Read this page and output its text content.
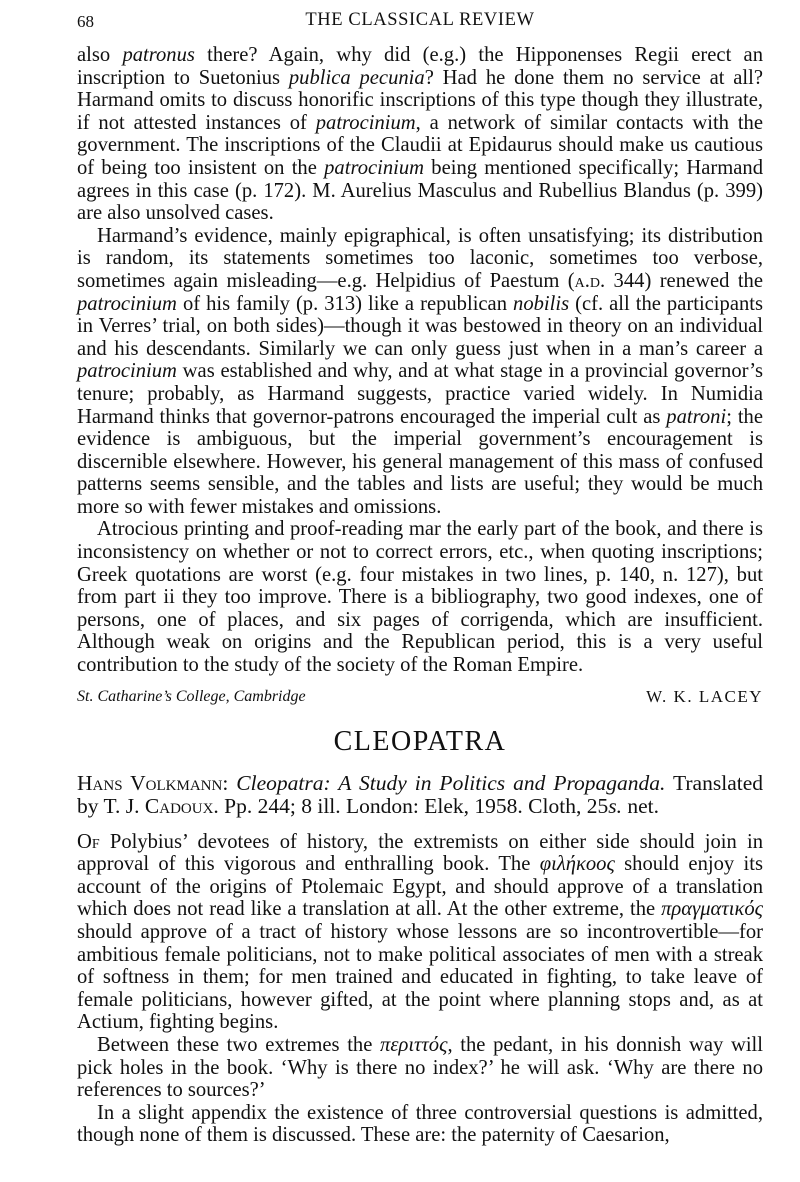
68	THE CLASSICAL REVIEW

also patronus there? Again, why did (e.g.) the Hipponenses Regii erect an inscription to Suetonius publica pecunia? Had he done them no service at all? Harmand omits to discuss honorific inscriptions of this type though they illustrate, if not attested instances of patrocinium, a network of similar contacts with the government. The inscriptions of the Claudii at Epidaurus should make us cautious of being too insistent on the patrocinium being mentioned specifically; Harmand agrees in this case (p. 172). M. Aurelius Masculus and Rubellius Blandus (p. 399) are also unsolved cases.

Harmand’s evidence, mainly epigraphical, is often unsatisfying; its distribution is random, its statements sometimes too laconic, sometimes too verbose, sometimes again misleading—e.g. Helpidius of Paestum (a.d. 344) renewed the patrocinium of his family (p. 313) like a republican nobilis (cf. all the participants in Verres’ trial, on both sides)—though it was bestowed in theory on an individual and his descendants. Similarly we can only guess just when in a man’s career a patrocinium was established and why, and at what stage in a provincial governor’s tenure; probably, as Harmand suggests, practice varied widely. In Numidia Harmand thinks that governor-patrons encouraged the imperial cult as patroni; the evidence is ambiguous, but the imperial government’s encouragement is discernible elsewhere. However, his general management of this mass of confused patterns seems sensible, and the tables and lists are useful; they would be much more so with fewer mistakes and omissions.

Atrocious printing and proof-reading mar the early part of the book, and there is inconsistency on whether or not to correct errors, etc., when quoting inscriptions; Greek quotations are worst (e.g. four mistakes in two lines, p. 140, n. 127), but from part ii they too improve. There is a bibliography, two good indexes, one of persons, one of places, and six pages of corrigenda, which are insufficient. Although weak on origins and the Republican period, this is a very useful contribution to the study of the society of the Roman Empire.

St. Catharine’s College, Cambridge	W. K. LACEY
CLEOPATRA

Hans Volkmann: Cleopatra: A Study in Politics and Propaganda. Translated by T. J. Cadoux. Pp. 244; 8 ill. London: Elek, 1958. Cloth, 25s. net.

Of Polybius’ devotees of history, the extremists on either side should join in approval of this vigorous and enthralling book. The φιλήκοος should enjoy its account of the origins of Ptolemaic Egypt, and should approve of a translation which does not read like a translation at all. At the other extreme, the πραγματικός should approve of a tract of history whose lessons are so incontrovertible—for ambitious female politicians, not to make political associates of men with a streak of softness in them; for men trained and educated in fighting, to take leave of female politicians, however gifted, at the point where planning stops and, as at Actium, fighting begins.

Between these two extremes the περιττός, the pedant, in his donnish way will pick holes in the book. ‘Why is there no index?’ he will ask. ‘Why are there no references to sources?’

In a slight appendix the existence of three controversial questions is admitted, though none of them is discussed. These are: the paternity of Caesarion,
